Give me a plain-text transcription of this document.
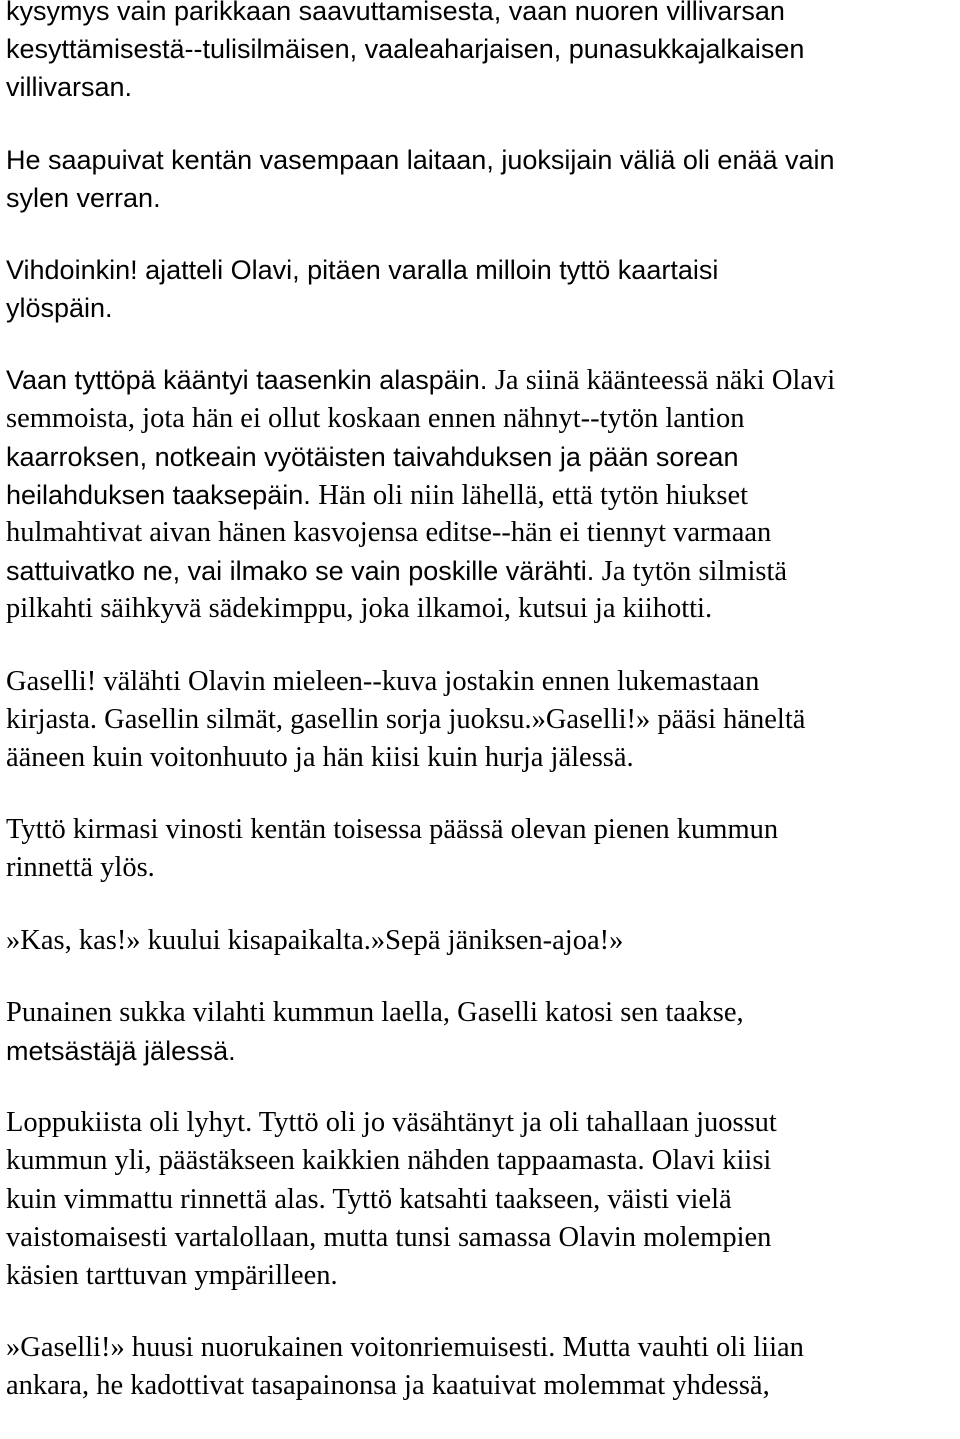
kysymys vain parikkaan saavuttamisesta, vaan nuoren villivarsan
kesyttämisestä--tulisilmäisen, vaaleaharjaisen, punasukkajalkaisen
villivarsan.
He saapuivat kentän vasempaan laitaan, juoksijain väliä oli enää vain
sylen verran.
Vihdoinkin! ajatteli Olavi, pitäen varalla milloin tyttö kaartaisi
ylöspäin.
Vaan tyttöpä kääntyi taasenkin alaspäin. Ja siinä käänteessä näki Olavi
semmoista, jota hän ei ollut koskaan ennen nähnyt--tytön lantion
kaarroksen, notkeain vyötäisten taivahduksen ja pään sorean
heilahduksen taaksepäin. Hän oli niin lähellä, että tytön hiukset
hulmahtivat aivan hänen kasvojensa editse--hän ei tiennyt varmaan
sattuivatko ne, vai ilmako se vain poskille värähti. Ja tytön silmistä
pilkahti säihkyvä sädekimppu, joka ilkamoi, kutsui ja kiihotti.
Gaselli! välähti Olavin mieleen--kuva jostakin ennen lukemastaan
kirjasta. Gasellin silmät, gasellin sorja juoksu.»Gaselli!» pääsi häneltä
ääneen kuin voitonhuuto ja hän kiisi kuin hurja jälessä.
Tyttö kirmasi vinosti kentän toisessa päässä olevan pienen kummun
rinnettä ylös.
»Kas, kas!» kuului kisapaikalta.»Sepä jäniksen-ajoa!»
Punainen sukka vilahti kummun laella, Gaselli katosi sen taakse,
metsästäjä jälessä.
Loppukiista oli lyhyt. Tyttö oli jo väsähtänyt ja oli tahallaan juossut
kummun yli, päästäkseen kaikkien nähden tappaamasta. Olavi kiisi
kuin vimmattu rinnettä alas. Tyttö katsahti taakseen, väisti vielä
vaistomaisesti vartalollaan, mutta tunsi samassa Olavin molempien
käsien tarttuvan ympärilleen.
»Gaselli!» huusi nuorukainen voitonriemuisesti. Mutta vauhti oli liian
ankara, he kadottivat tasapainonsa ja kaatuivat molemmat yhdessä,
